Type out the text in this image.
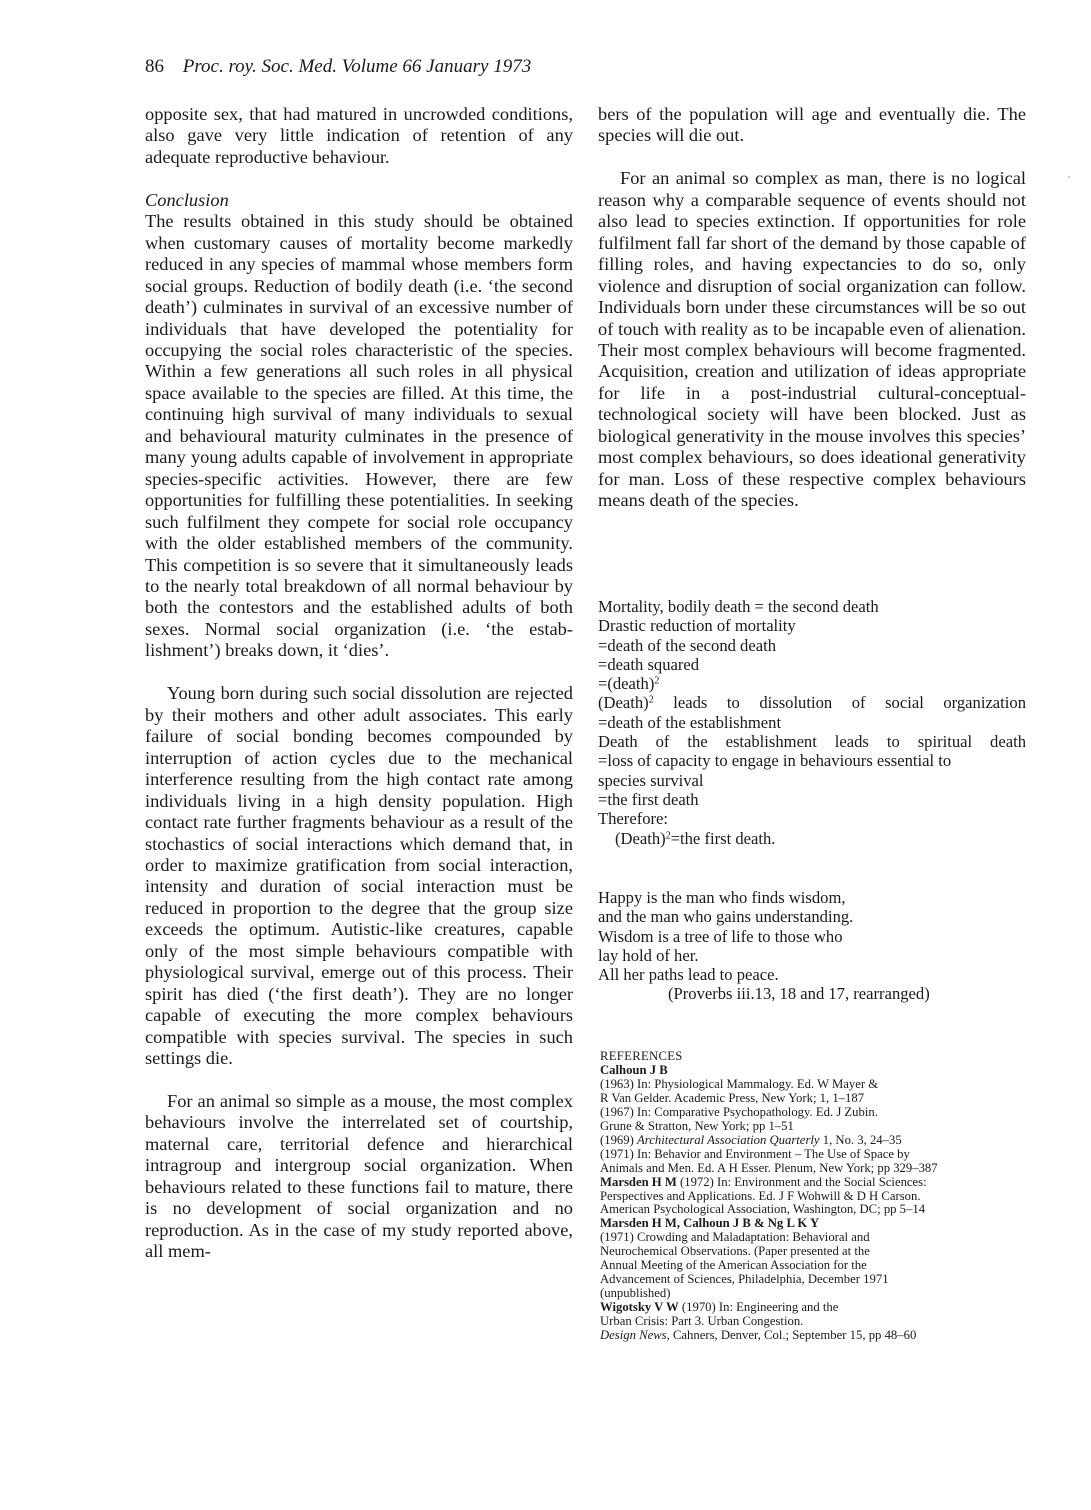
86 Proc. roy. Soc. Med. Volume 66 January 1973

opposite sex, that had matured in uncrowded conditions, also gave very little indication of retention of any adequate reproductive behaviour.

Conclusion

The results obtained in this study should be obtained when customary causes of mortality become markedly reduced in any species of mammal whose members form social groups. Reduction of bodily death (i.e. ‘the second death’) culminates in survival of an excessive number of individuals that have developed the potentiality for occupying the social roles characteristic of the species. Within a few generations all such roles in all physical space available to the species are filled. At this time, the continuing high survival of many individuals to sexual and behavioural maturity culminates in the presence of many young adults capable of involvement in appropriate species-specific activities. However, there are few opportunities for fulfilling these potentialities. In seeking such fulfilment they compete for social role occupancy with the older established members of the community. This competition is so severe that it simultaneously leads to the nearly total breakdown of all normal behaviour by both the contestors and the established adults of both sexes. Normal social organization (i.e. ‘the establishment’) breaks down, it ‘dies’.

Young born during such social dissolution are rejected by their mothers and other adult associates. This early failure of social bonding becomes compounded by interruption of action cycles due to the mechanical interference resulting from the high contact rate among individuals living in a high density population. High contact rate further fragments behaviour as a result of the stochastics of social interactions which demand that, in order to maximize gratification from social interaction, intensity and duration of social interaction must be reduced in proportion to the degree that the group size exceeds the optimum. Autistic-like creatures, capable only of the most simple behaviours compatible with physiological survival, emerge out of this process. Their spirit has died (‘the first death’). They are no longer capable of executing the more complex behaviours compatible with species survival. The species in such settings die.

For an animal so simple as a mouse, the most complex behaviours involve the interrelated set of courtship, maternal care, territorial defence and hierarchical intragroup and intergroup social organization. When behaviours related to these functions fail to mature, there is no development of social organization and no reproduction. As in the case of my study reported above, all mem-

bers of the population will age and eventually die. The species will die out.

For an animal so complex as man, there is no logical reason why a comparable sequence of events should not also lead to species extinction. If opportunities for role fulfilment fall far short of the demand by those capable of filling roles, and having expectancies to do so, only violence and disruption of social organization can follow. Individuals born under these circumstances will be so out of touch with reality as to be incapable even of alienation. Their most complex behaviours will become fragmented. Acquisition, creation and utilization of ideas appropriate for life in a post-industrial cultural-conceptual-technological society will have been blocked. Just as biological generativity in the mouse involves this species’ most complex behaviours, so does ideational generativity for man. Loss of these respective complex behaviours means death of the species.

Mortality, bodily death = the second death
Drastic reduction of mortality
=death of the second death
=death squared
=(death)$^2$
(Death)$^2$ leads to dissolution of social organization
=death of the establishment
Death of the establishment leads to spiritual death
=loss of capacity to engage in behaviours essential to
species survival
=the first death
Therefore:
(Death)$^2$=the first death.
Happy is the man who finds wisdom,
and the man who gains understanding.
Wisdom is a tree of life to those who
lay hold of her.
All her paths lead to peace.
(Proverbs iii.13, 18 and 17, rearranged)
REFERENCES
Calhoun J B
(1963) In: Physiological Mammalogy. Ed. W Mayer &
R Van Gelder. Academic Press, New York; 1, 1–187
(1967) In: Comparative Psychopathology. Ed. J Zubin.
Grune & Stratton, New York; pp 1–51
(1969) Architectural Association Quarterly 1, No. 3, 24–35
(1971) In: Behavior and Environment – The Use of Space by
Animals and Men. Ed. A H Esser. Plenum, New York; pp 329–387
Marsden H M (1972) In: Environment and the Social Sciences:
Perspectives and Applications. Ed. J F Wohwill & D H Carson.
American Psychological Association, Washington, DC; pp 5–14
Marsden H M, Calhoun J B & Ng L K Y
(1971) Crowding and Maladaptation: Behavioral and
Neurochemical Observations. (Paper presented at the
Annual Meeting of the American Association for the
Advancement of Sciences, Philadelphia, December 1971
(unpublished)
Wigotsky V W (1970) In: Engineering and the
Urban Crisis: Part 3. Urban Congestion.
Design News, Cahners, Denver, Col.; September 15, pp 48–60
